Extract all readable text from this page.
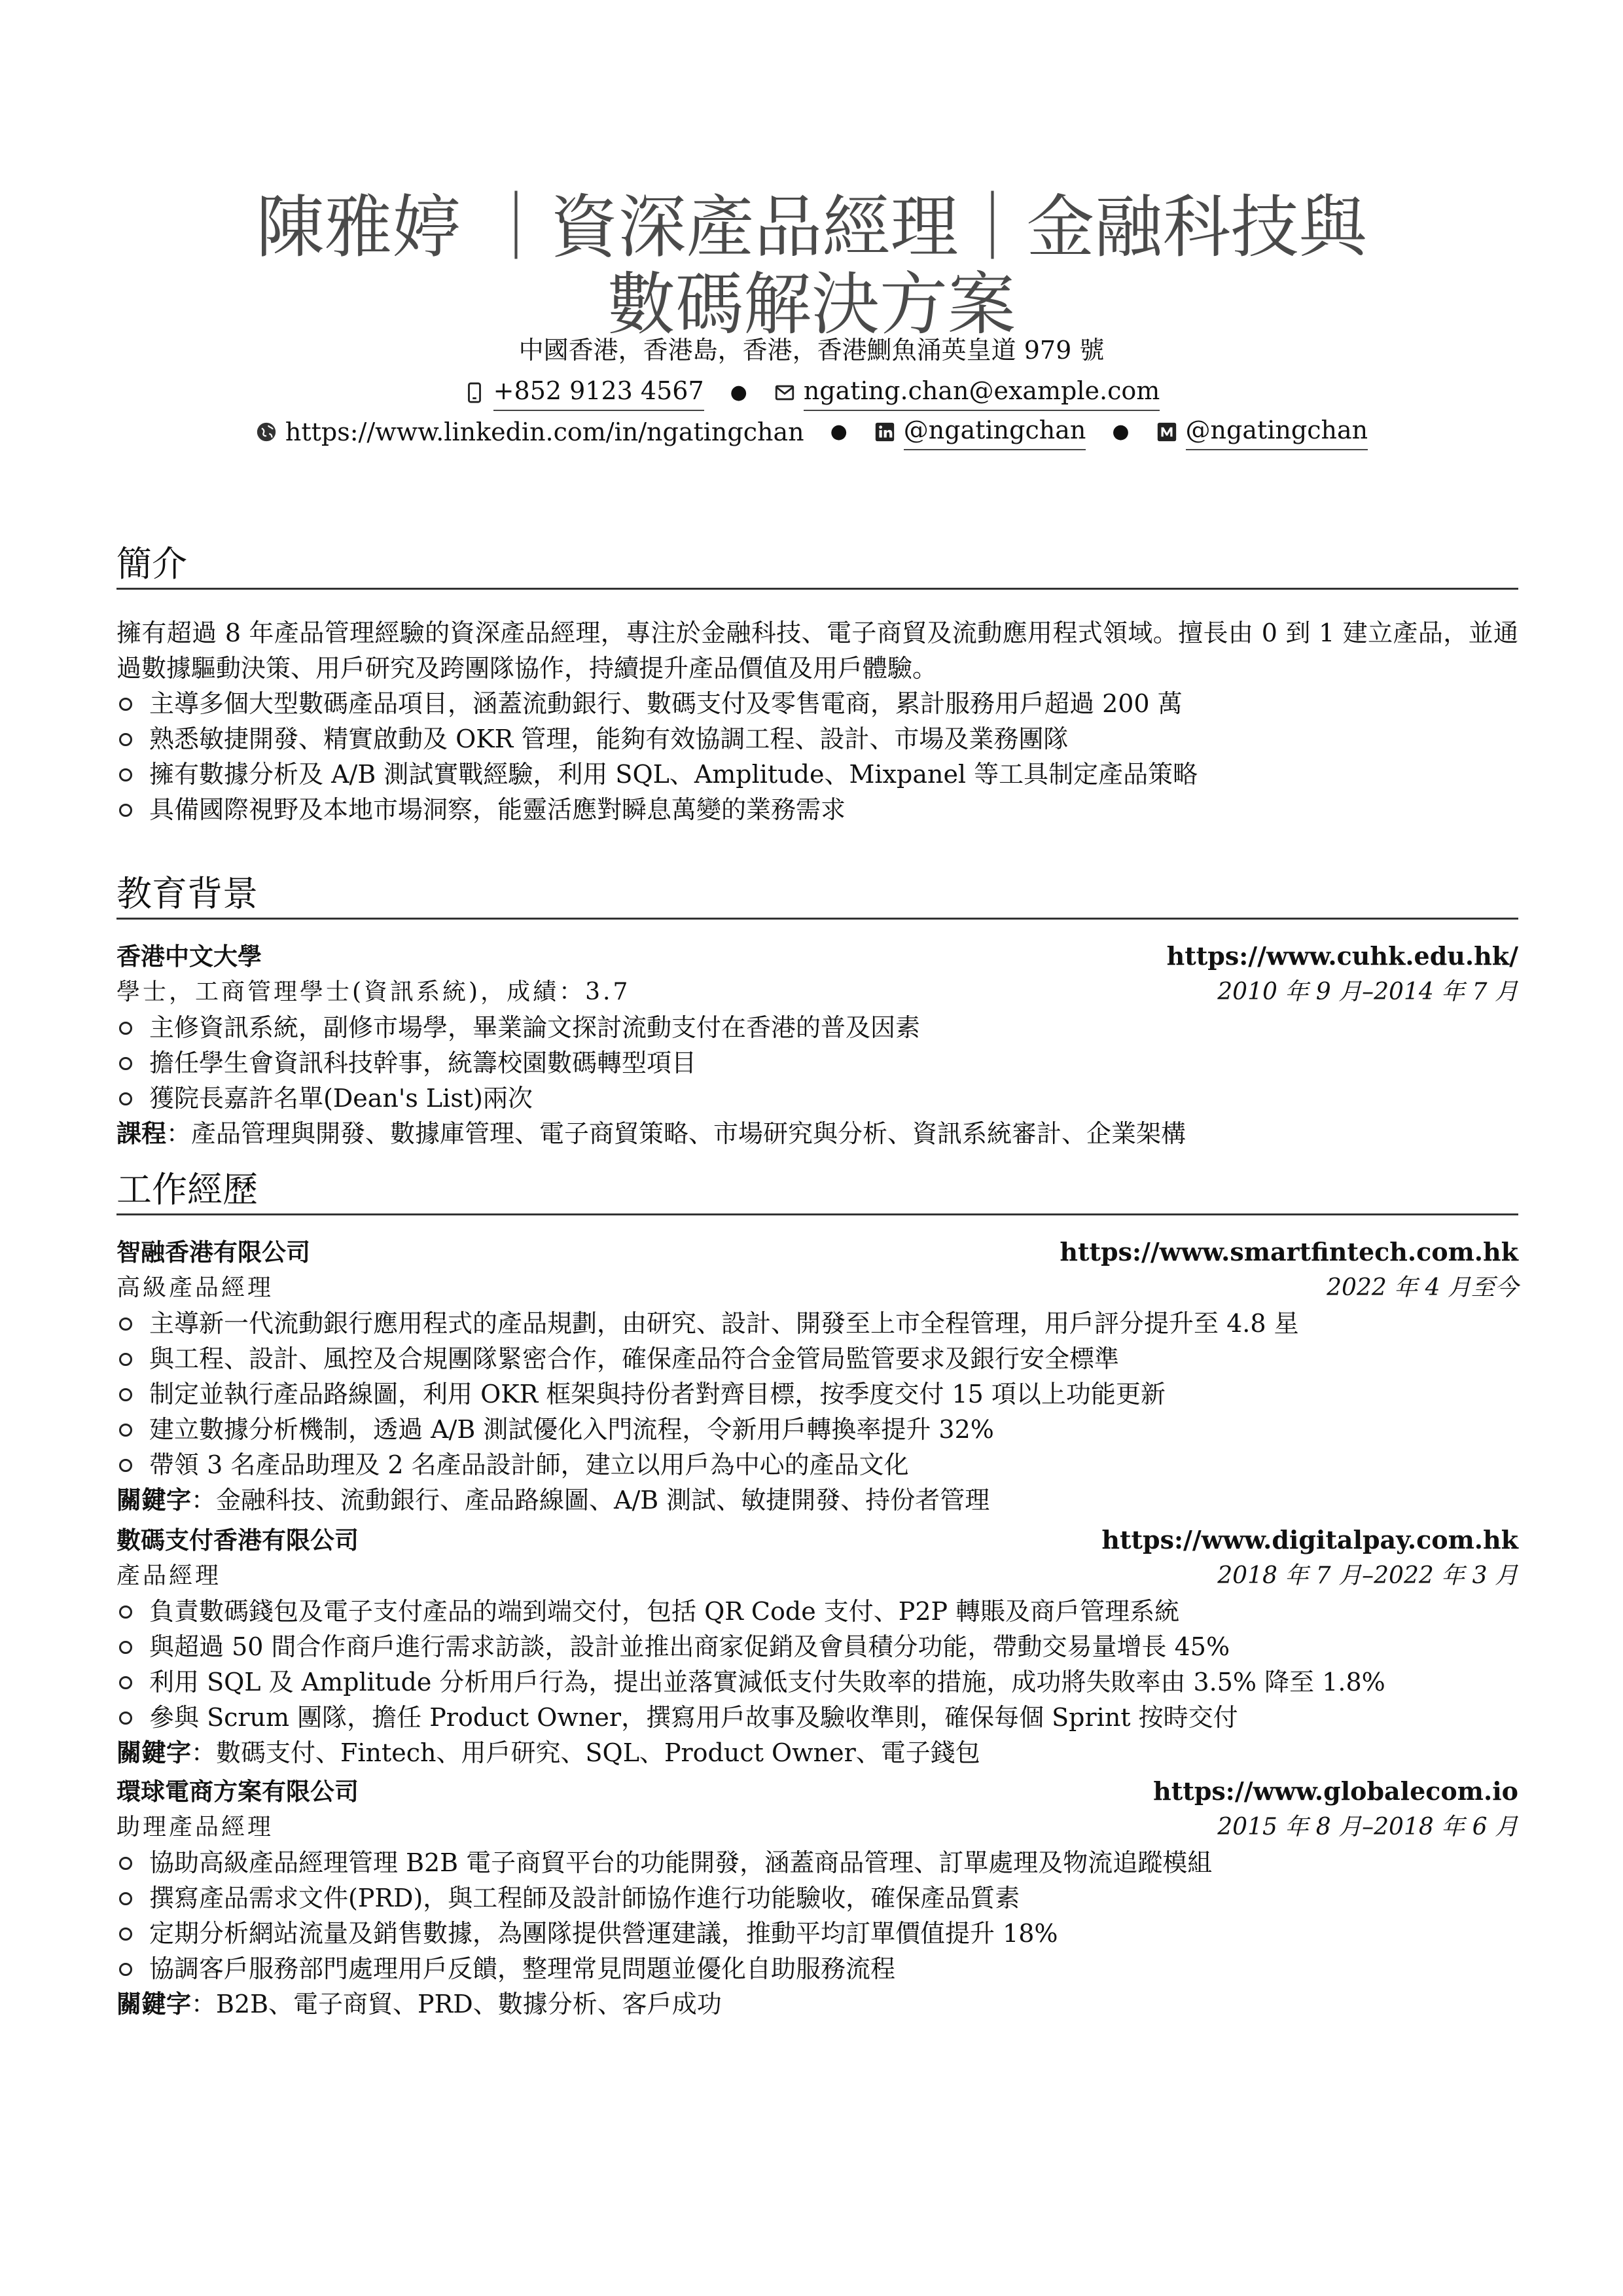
陳雅婷 ｜資深產品經理｜金融科技與
數碼解決方案
中國香港，香港島，香港，香港鰂魚涌英皇道 979 號
+852 9123 4567 ● ngating.chan@example.com
https://www.linkedin.com/in/ngatingchan ● @ngatingchan ● @ngatingchan
簡介

擁有超過 8 年產品管理經驗的資深產品經理，專注於金融科技、電子商貿及流動應用程式領域。擅長由 0 到 1 建立產品，並通過數據驅動決策、用戶研究及跨團隊協作，持續提升產品價值及用戶體驗。

主導多個大型數碼產品項目，涵蓋流動銀行、數碼支付及零售電商，累計服務用戶超過 200 萬
熟悉敏捷開發、精實啟動及 OKR 管理，能夠有效協調工程、設計、市場及業務團隊
擁有數據分析及 A/B 測試實戰經驗，利用 SQL、Amplitude、Mixpanel 等工具制定產品策略
具備國際視野及本地市場洞察，能靈活應對瞬息萬變的業務需求
教育背景
香港中文大學	https://www.cuhk.edu.hk/
學士，工商管理學士(資訊系統)，成績：3.7	2010 年 9 月–2014 年 7 月
主修資訊系統，副修市場學，畢業論文探討流動支付在香港的普及因素
擔任學生會資訊科技幹事，統籌校園數碼轉型項目
獲院長嘉許名單(Dean's List)兩次
課程：產品管理與開發、數據庫管理、電子商貿策略、市場研究與分析、資訊系統審計、企業架構
工作經歷
智融香港有限公司	https://www.smartfintech.com.hk
高級產品經理	2022 年 4 月至今
主導新一代流動銀行應用程式的產品規劃，由研究、設計、開發至上市全程管理，用戶評分提升至 4.8 星
與工程、設計、風控及合規團隊緊密合作，確保產品符合金管局監管要求及銀行安全標準
制定並執行產品路線圖，利用 OKR 框架與持份者對齊目標，按季度交付 15 項以上功能更新
建立數據分析機制，透過 A/B 測試優化入門流程，令新用戶轉換率提升 32%
帶領 3 名產品助理及 2 名產品設計師，建立以用戶為中心的產品文化
關鍵字：金融科技、流動銀行、產品路線圖、A/B 測試、敏捷開發、持份者管理
數碼支付香港有限公司	https://www.digitalpay.com.hk
產品經理	2018 年 7 月–2022 年 3 月
負責數碼錢包及電子支付產品的端到端交付，包括 QR Code 支付、P2P 轉賬及商戶管理系統
與超過 50 間合作商戶進行需求訪談，設計並推出商家促銷及會員積分功能，帶動交易量增長 45%
利用 SQL 及 Amplitude 分析用戶行為，提出並落實減低支付失敗率的措施，成功將失敗率由 3.5% 降至 1.8%
參與 Scrum 團隊，擔任 Product Owner，撰寫用戶故事及驗收準則，確保每個 Sprint 按時交付
關鍵字：數碼支付、Fintech、用戶研究、SQL、Product Owner、電子錢包
環球電商方案有限公司	https://www.globalecom.io
助理產品經理	2015 年 8 月–2018 年 6 月
協助高級產品經理管理 B2B 電子商貿平台的功能開發，涵蓋商品管理、訂單處理及物流追蹤模組
撰寫產品需求文件(PRD)，與工程師及設計師協作進行功能驗收，確保產品質素
定期分析網站流量及銷售數據，為團隊提供營運建議，推動平均訂單價值提升 18%
協調客戶服務部門處理用戶反饋，整理常見問題並優化自助服務流程
關鍵字：B2B、電子商貿、PRD、數據分析、客戶成功
